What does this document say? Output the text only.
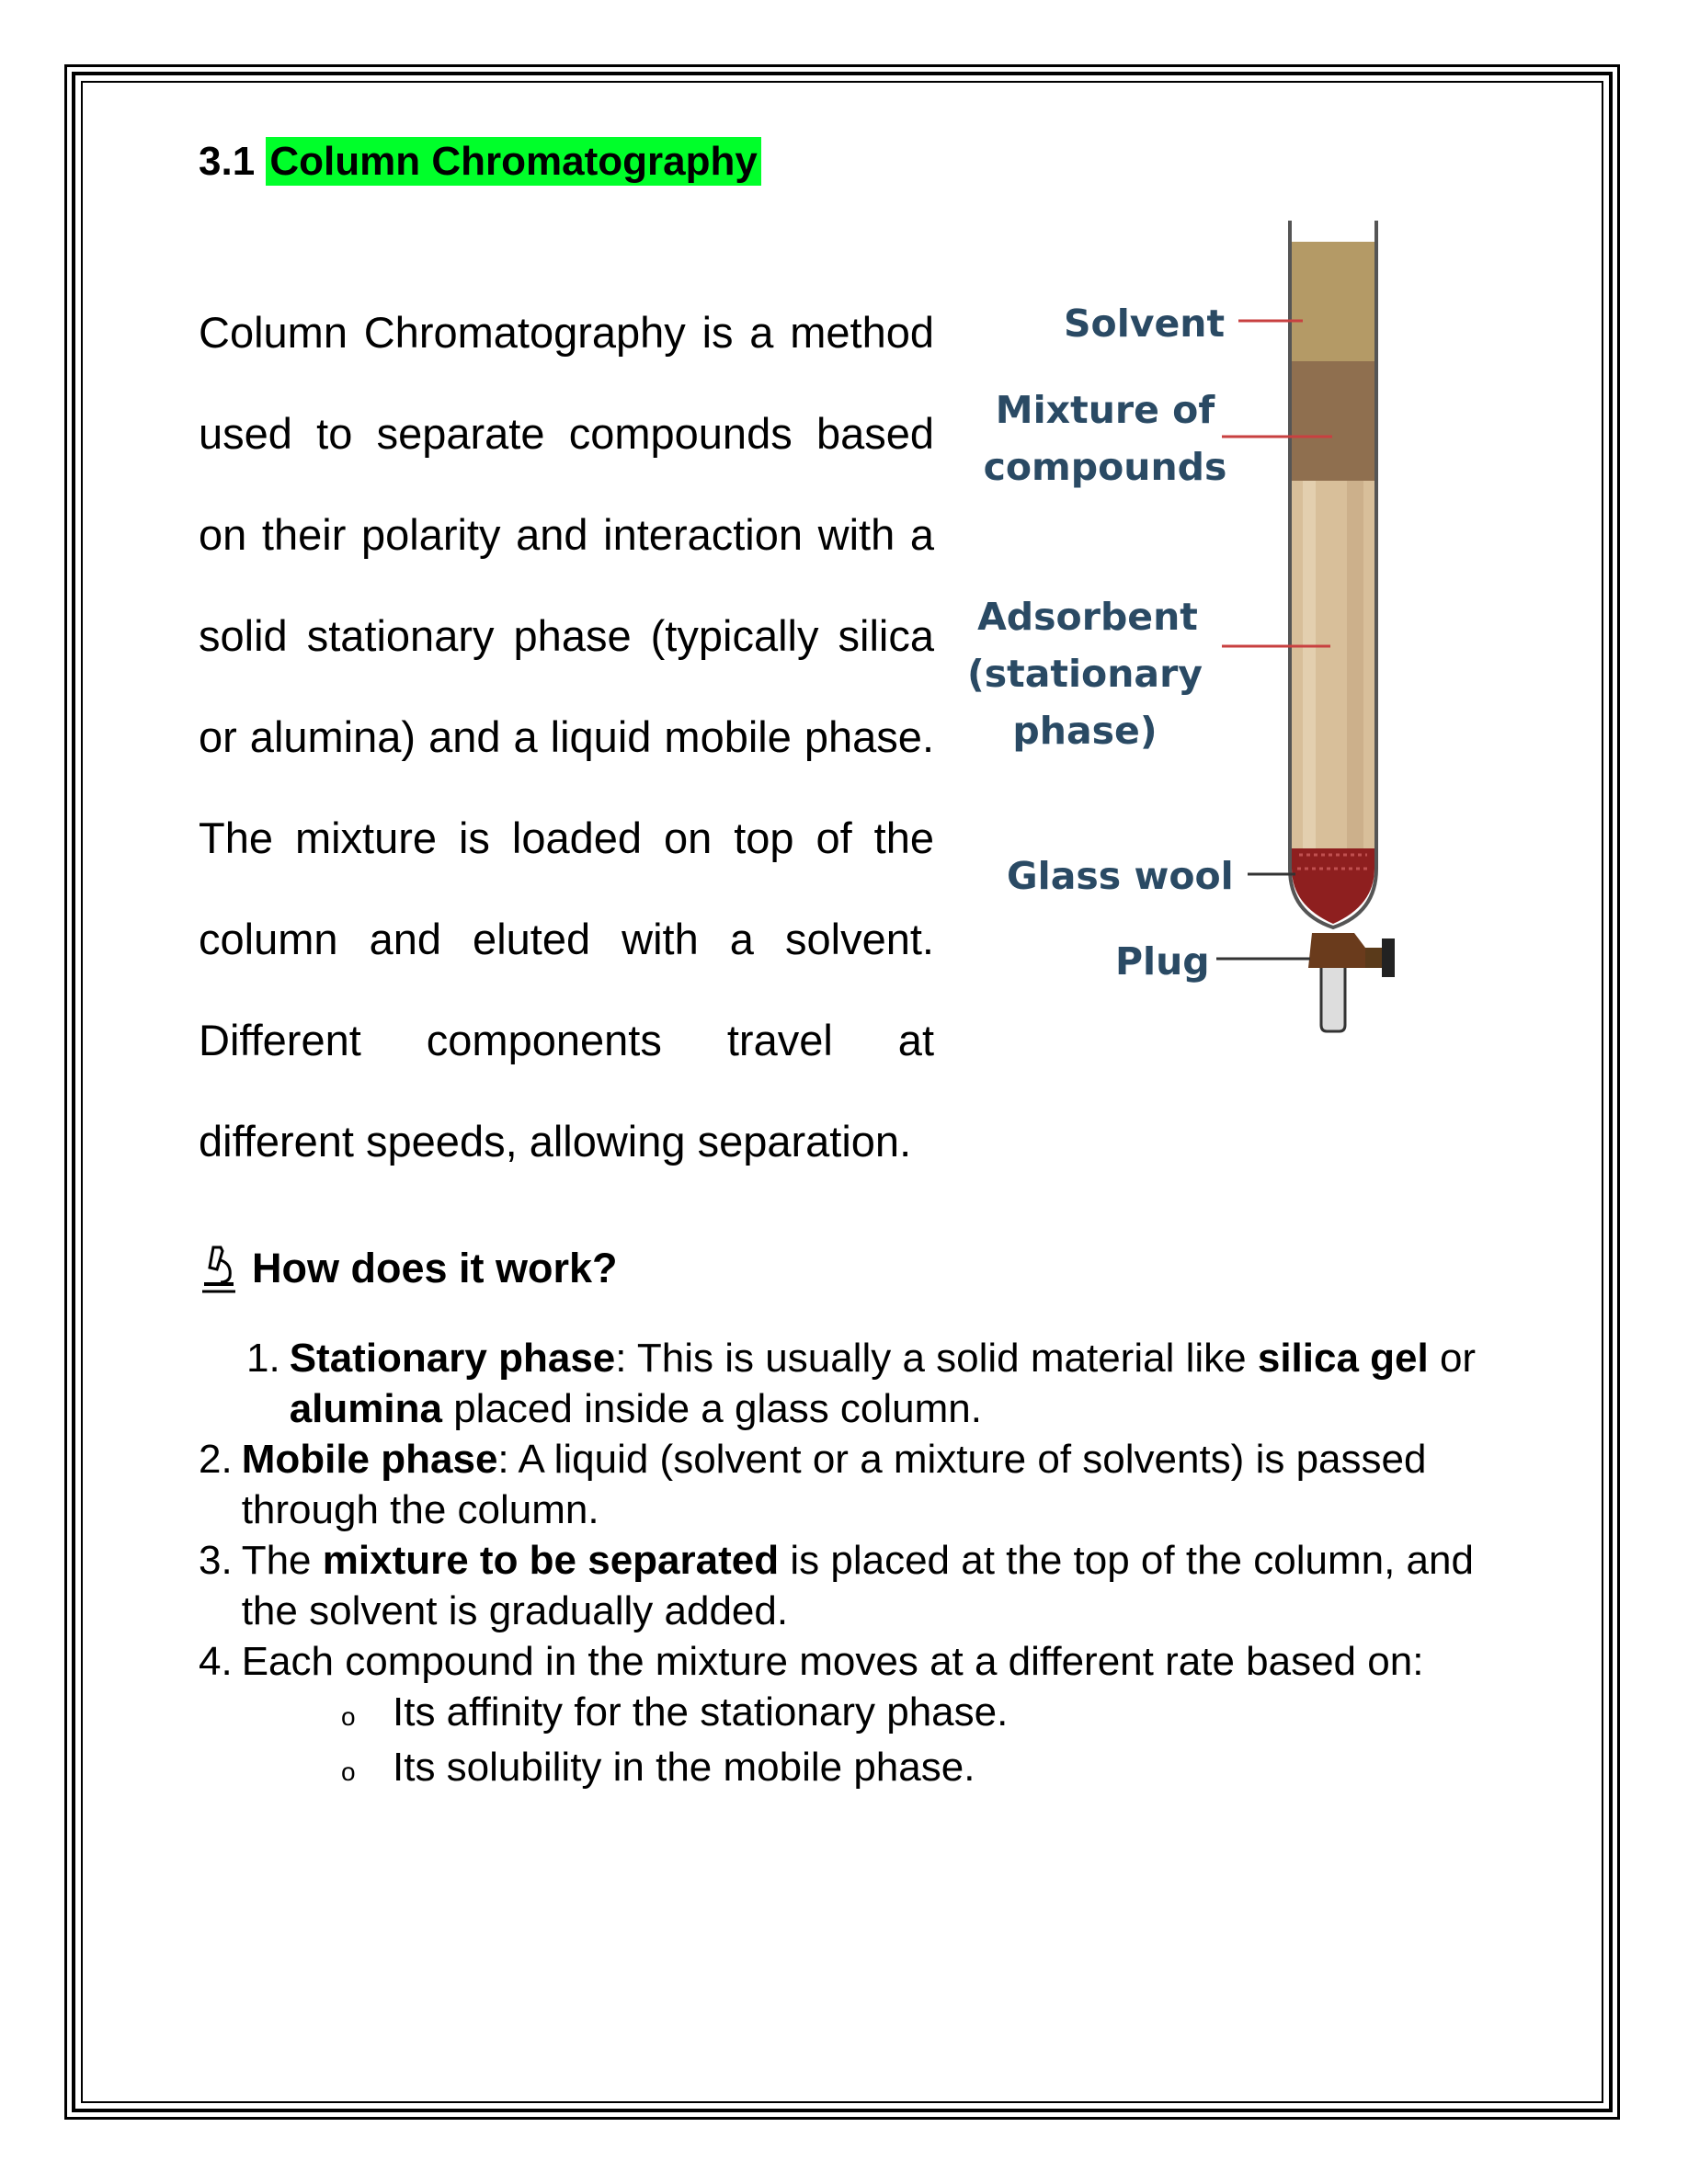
3.1 Column Chromatography
Column Chromatography is a method used to separate compounds based on their polarity and interaction with a solid stationary phase (typically silica or alumina) and a liquid mobile phase. The mixture is loaded on top of the column and eluted with a solvent. Different components travel at different speeds, allowing separation.
Solvent
Mixture of
compounds
Adsorbent
(stationary
phase)
Glass wool
Plug
How does it work?
1. Stationary phase: This is usually a solid material like silica gel or alumina placed inside a glass column.
2. Mobile phase: A liquid (solvent or a mixture of solvents) is passed through the column.
3. The mixture to be separated is placed at the top of the column, and the solvent is gradually added.
4. Each compound in the mixture moves at a different rate based on:
o Its affinity for the stationary phase.
o Its solubility in the mobile phase.
